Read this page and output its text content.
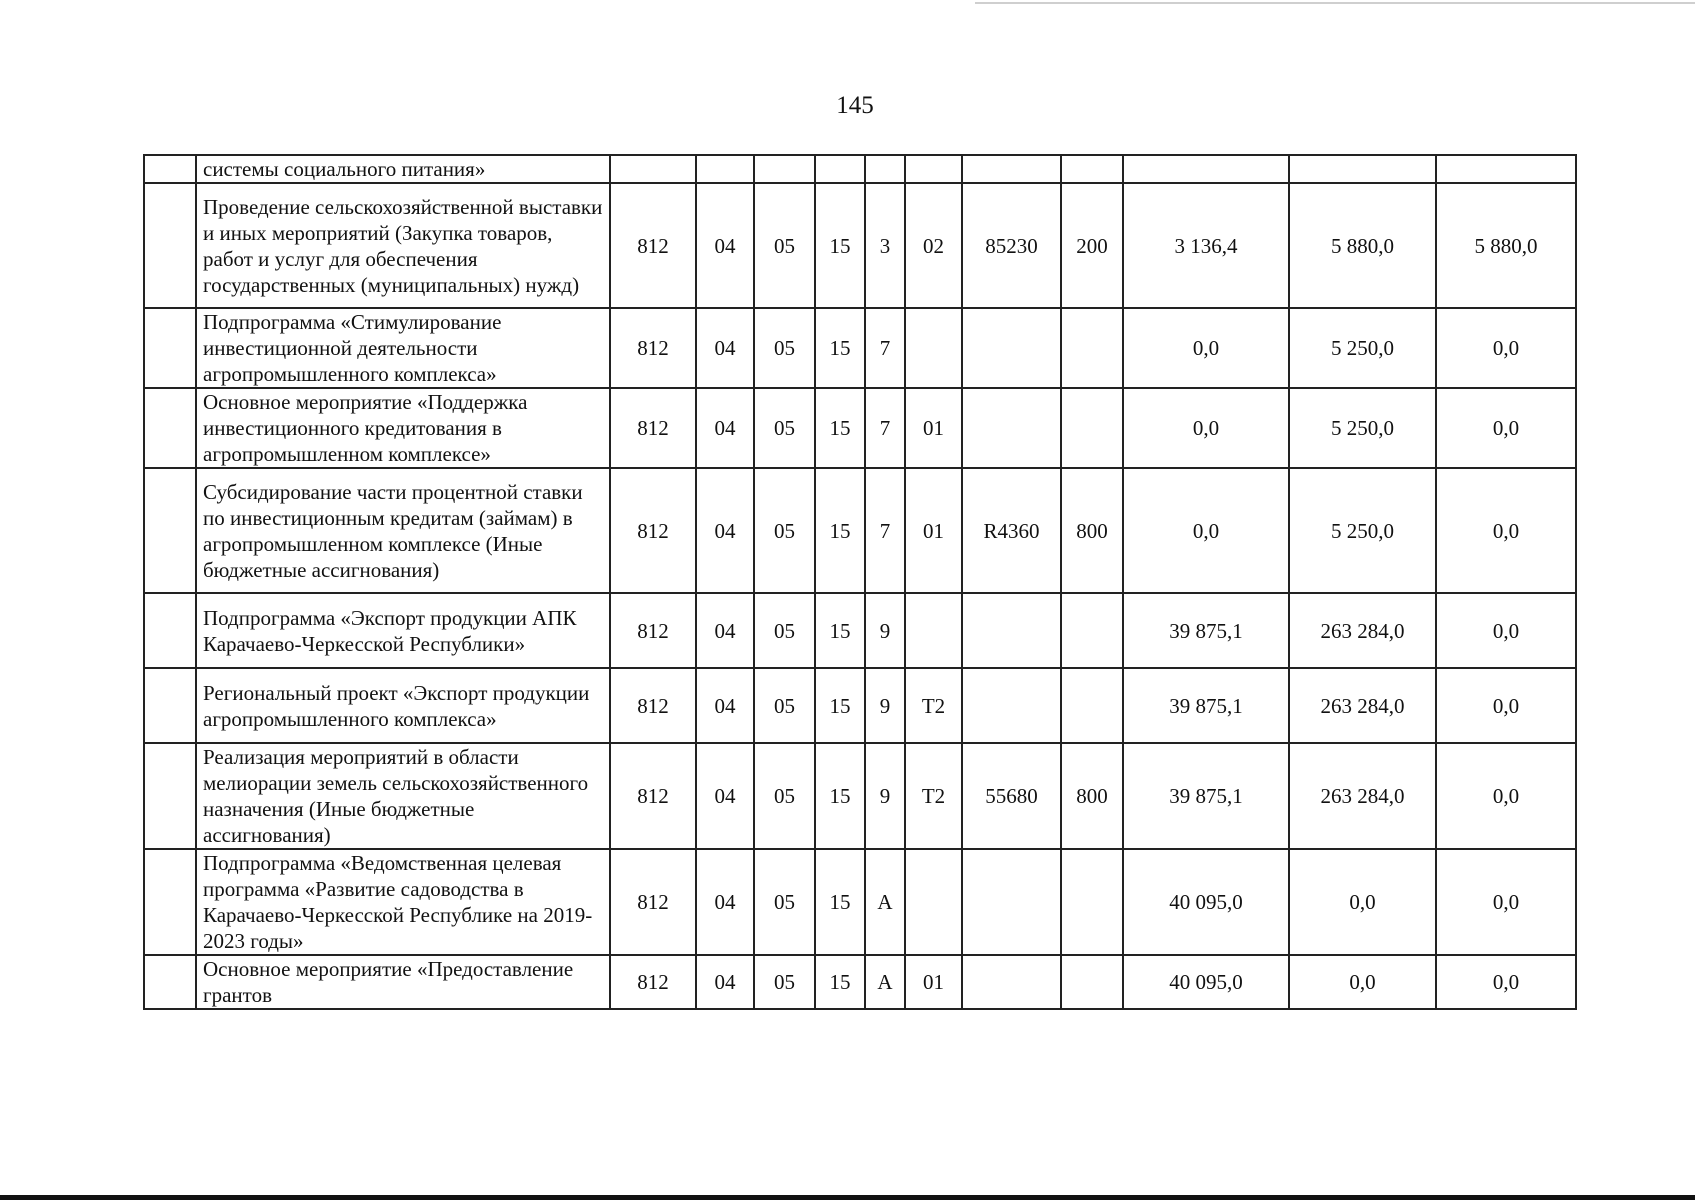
145
	системы социального питания»											
	Проведение сельскохозяйственной выставки и иных мероприятий (Закупка товаров, работ и услуг для обеспечения государственных (муниципальных) нужд)	812	04	05	15	3	02	85230	200	3 136,4	5 880,0	5 880,0
	Подпрограмма «Стимулирование инвестиционной деятельности агропромышленного комплекса»	812	04	05	15	7				0,0	5 250,0	0,0
	Основное мероприятие «Поддержка инвестиционного кредитования в агропромышленном комплексе»	812	04	05	15	7	01			0,0	5 250,0	0,0
	Субсидирование части процентной ставки по инвестиционным кредитам (займам) в агропромышленном комплексе (Иные бюджетные ассигнования)	812	04	05	15	7	01	R4360	800	0,0	5 250,0	0,0
	Подпрограмма «Экспорт продукции АПК Карачаево-Черкесской Республики»	812	04	05	15	9				39 875,1	263 284,0	0,0
	Региональный проект «Экспорт продукции агропромышленного комплекса»	812	04	05	15	9	T2			39 875,1	263 284,0	0,0
	Реализация мероприятий в области мелиорации земель сельскохозяйственного назначения (Иные бюджетные ассигнования)	812	04	05	15	9	T2	55680	800	39 875,1	263 284,0	0,0
	Подпрограмма «Ведомственная целевая программа «Развитие садоводства в Карачаево-Черкесской Республике на 2019-2023 годы»	812	04	05	15	A				40 095,0	0,0	0,0
	Основное мероприятие «Предоставление грантов	812	04	05	15	A	01			40 095,0	0,0	0,0
